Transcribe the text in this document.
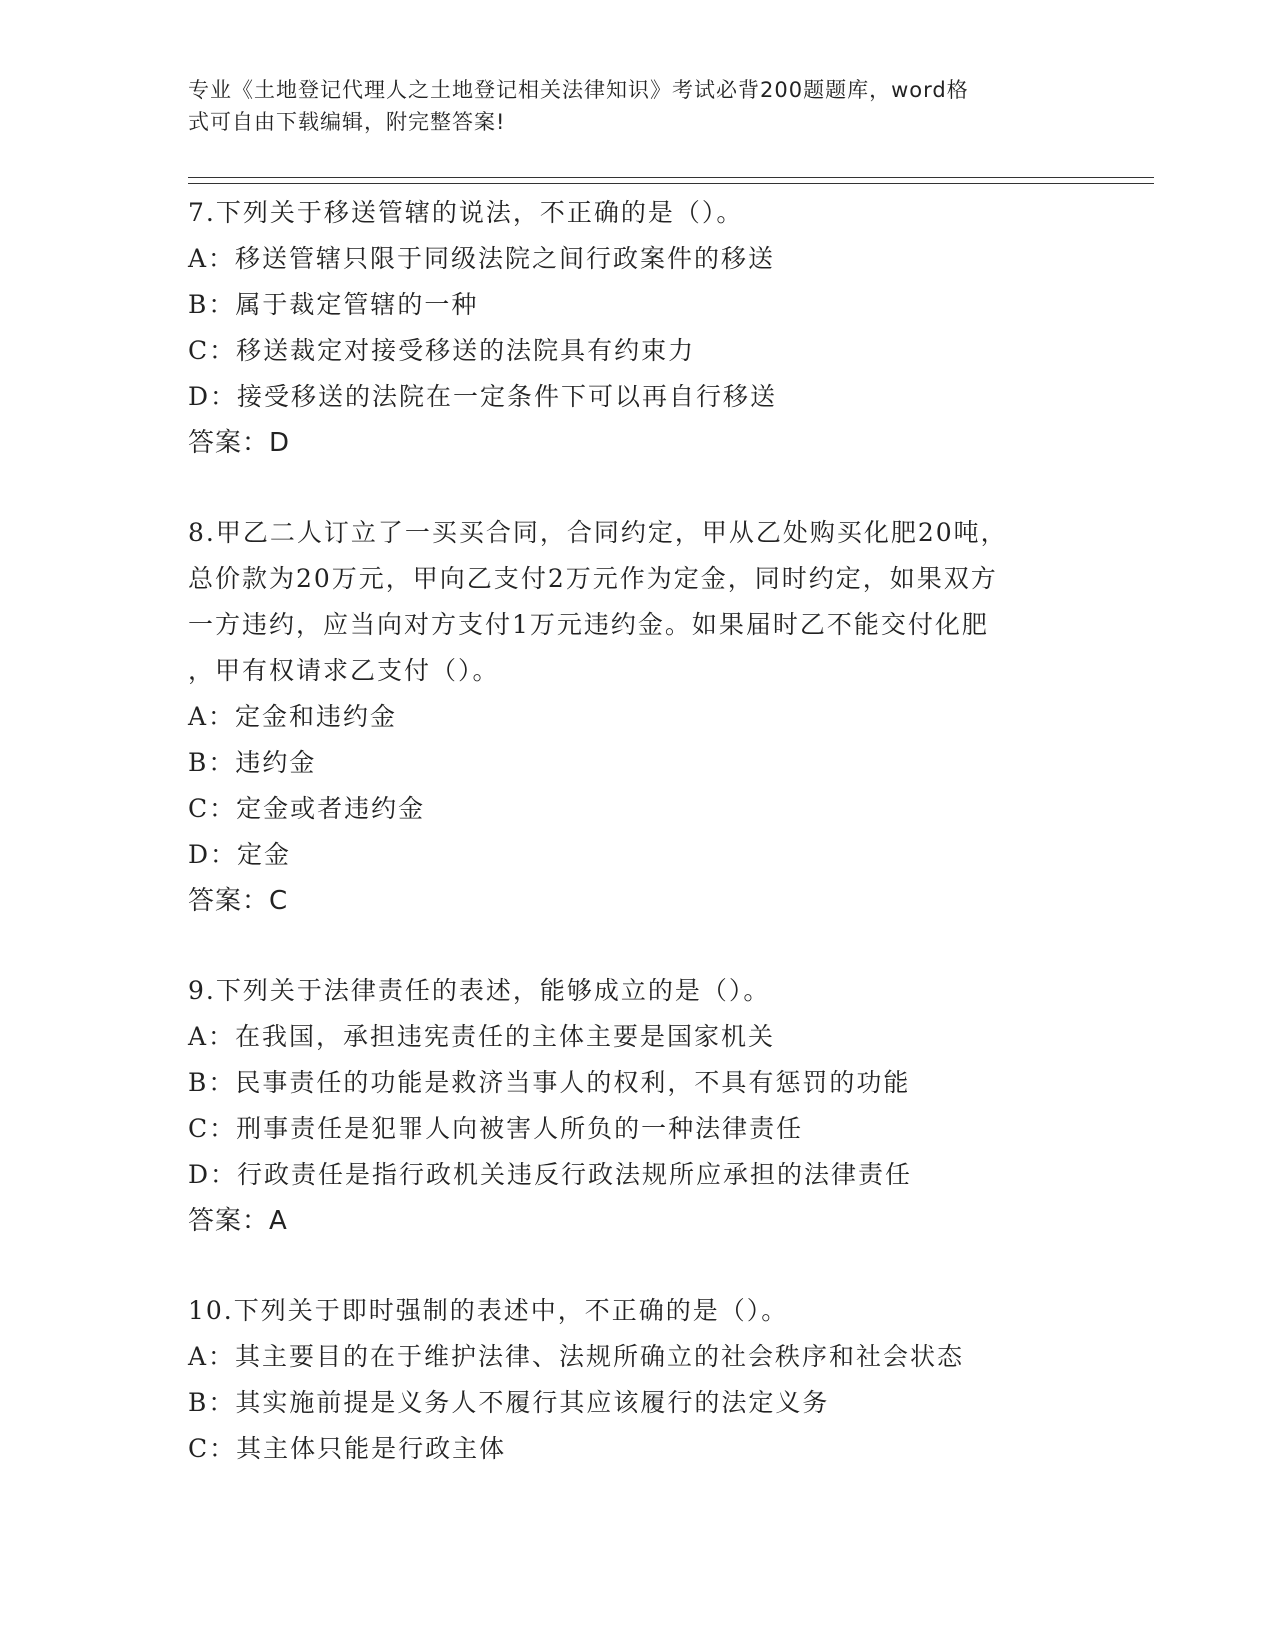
专业《土地登记代理人之土地登记相关法律知识》考试必背200题题库，word格
式可自由下载编辑，附完整答案!
7.下列关于移送管辖的说法，不正确的是（）。
A：移送管辖只限于同级法院之间行政案件的移送
B：属于裁定管辖的一种
C：移送裁定对接受移送的法院具有约束力
D：接受移送的法院在一定条件下可以再自行移送
答案：D
8.甲乙二人订立了一买买合同，合同约定，甲从乙处购买化肥20吨，
总价款为20万元，甲向乙支付2万元作为定金，同时约定，如果双方
一方违约，应当向对方支付1万元违约金。如果届时乙不能交付化肥
，甲有权请求乙支付（）。
A：定金和违约金
B：违约金
C：定金或者违约金
D：定金
答案：C
9.下列关于法律责任的表述，能够成立的是（）。
A：在我国，承担违宪责任的主体主要是国家机关
B：民事责任的功能是救济当事人的权利，不具有惩罚的功能
C：刑事责任是犯罪人向被害人所负的一种法律责任
D：行政责任是指行政机关违反行政法规所应承担的法律责任
答案：A
10.下列关于即时强制的表述中，不正确的是（）。
A：其主要目的在于维护法律、法规所确立的社会秩序和社会状态
B：其实施前提是义务人不履行其应该履行的法定义务
C：其主体只能是行政主体
